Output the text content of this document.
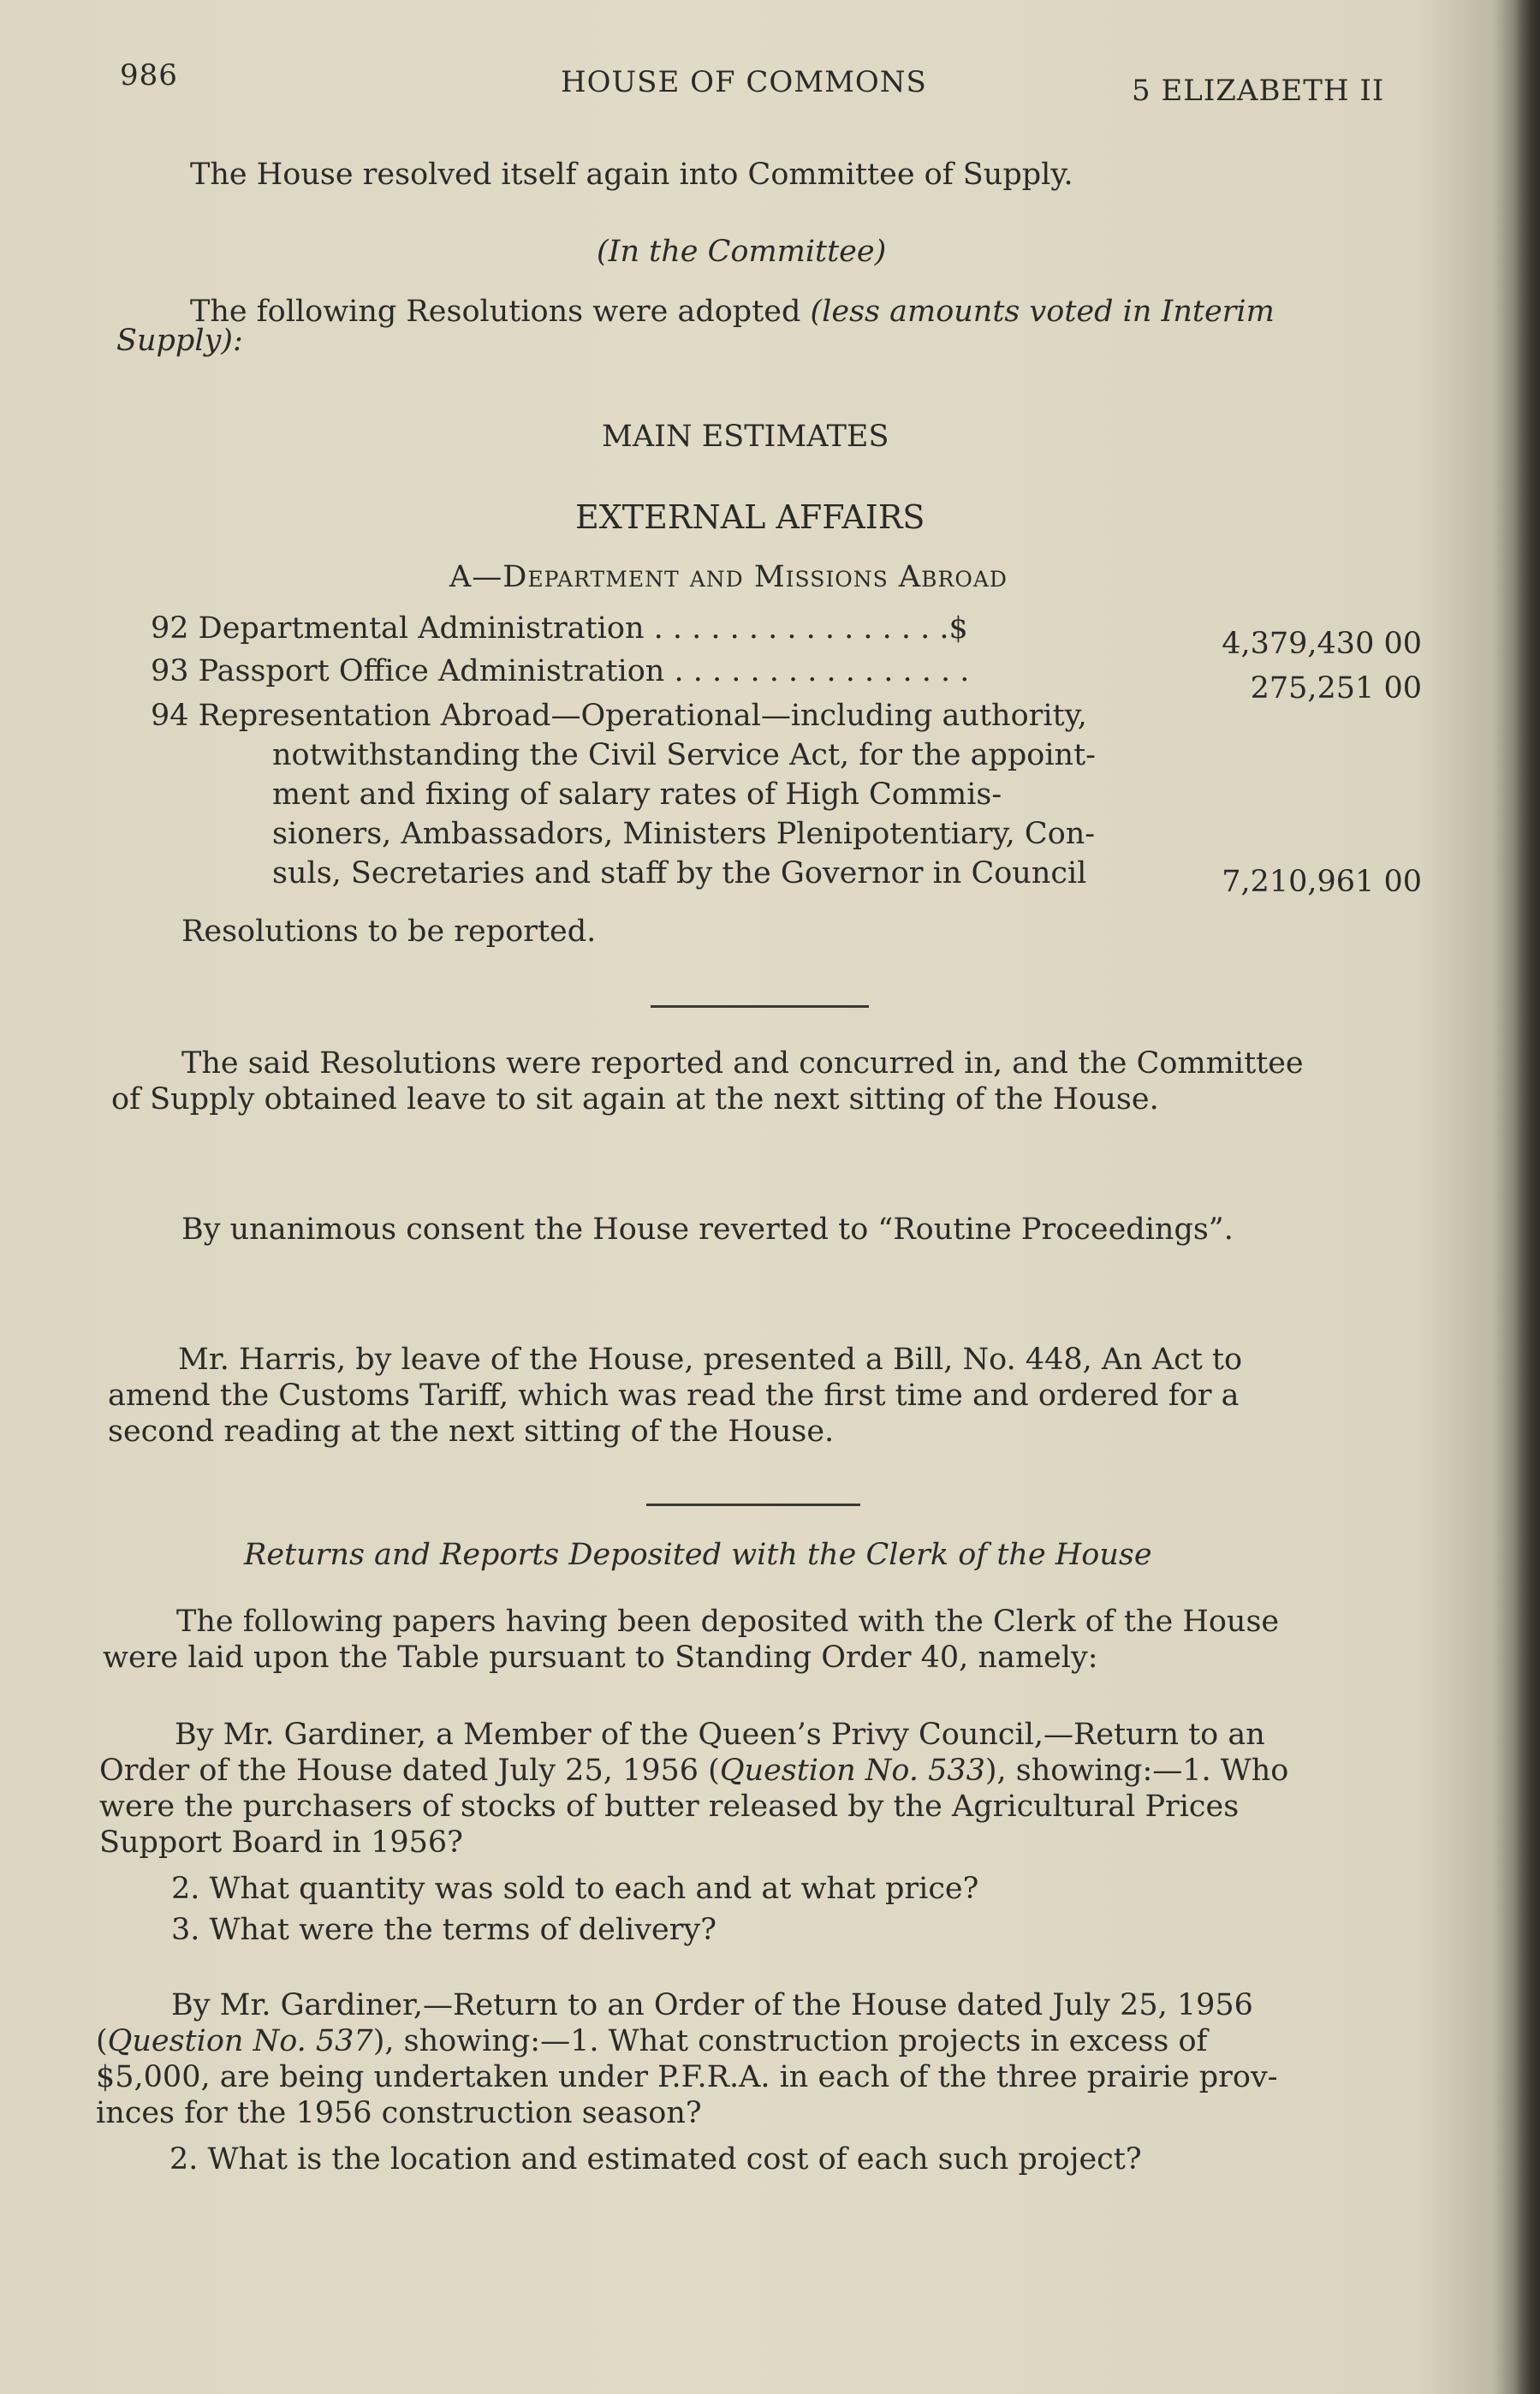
986	HOUSE OF COMMONS	5 ELIZABETH II
The House resolved itself again into Committee of Supply.
(In the Committee)
The following Resolutions were adopted (less amounts voted in Interim
Supply):
MAIN ESTIMATES
EXTERNAL AFFAIRS
A—Department and Missions Abroad
92 Departmental Administration . . . . . . . . . . . . . . . .$	4,379,430 00
93 Passport Office Administration . . . . . . . . . . . . . . . .	275,251 00
94 Representation Abroad—Operational—including authority,
notwithstanding the Civil Service Act, for the appoint-
ment and fixing of salary rates of High Commis-
sioners, Ambassadors, Ministers Plenipotentiary, Con-
suls, Secretaries and staff by the Governor in Council	7,210,961 00
Resolutions to be reported.
The said Resolutions were reported and concurred in, and the Committee
of Supply obtained leave to sit again at the next sitting of the House.
By unanimous consent the House reverted to “Routine Proceedings”.
Mr. Harris, by leave of the House, presented a Bill, No. 448, An Act to
amend the Customs Tariff, which was read the first time and ordered for a
second reading at the next sitting of the House.
Returns and Reports Deposited with the Clerk of the House
The following papers having been deposited with the Clerk of the House
were laid upon the Table pursuant to Standing Order 40, namely:
By Mr. Gardiner, a Member of the Queen’s Privy Council,—Return to an
Order of the House dated July 25, 1956 (Question No. 533), showing:—1. Who
were the purchasers of stocks of butter released by the Agricultural Prices
Support Board in 1956?
2. What quantity was sold to each and at what price?
3. What were the terms of delivery?
By Mr. Gardiner,—Return to an Order of the House dated July 25, 1956
(Question No. 537), showing:—1. What construction projects in excess of
$5,000, are being undertaken under P.F.R.A. in each of the three prairie prov-
inces for the 1956 construction season?
2. What is the location and estimated cost of each such project?
